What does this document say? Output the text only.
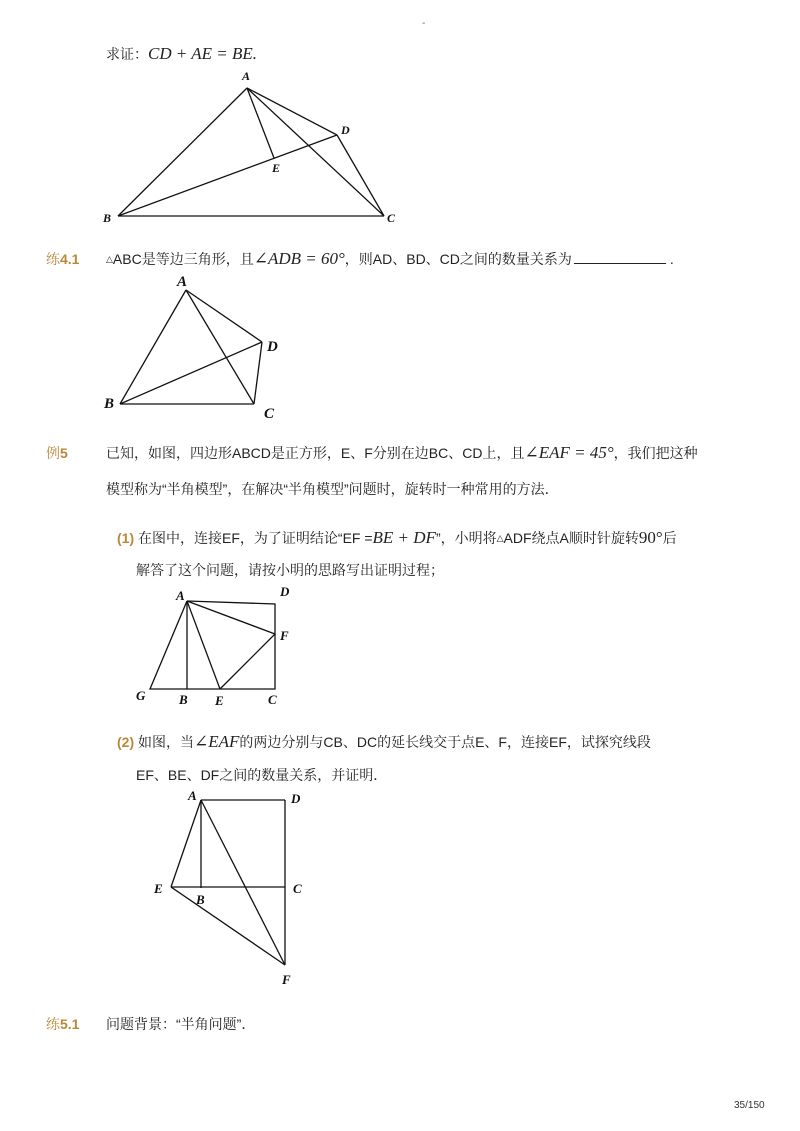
-
求证：CD + AE = BE.
A
B	C
D
E
练4.1	△ABC是等边三角形，且∠ADB = 60°，则AD、BD、CD之间的数量关系为	.
A
B
C
D
例5	已知，如图，四边形ABCD是正方形，E、F分别在边BC、CD上，且∠EAF = 45°，我们把这种
模型称为“半角模型”，在解决“半角模型”问题时，旋转时一种常用的方法．
(1) 在图中，连接EF，为了证明结论“EF =BE + DF”，小明将△ADF绕点A顺时针旋转90°后
解答了这个问题，请按小明的思路写出证明过程；
A	D
F
G	B E	C
(2) 如图，当∠EAF的两边分别与CB、DC的延长线交于点E、F，连接EF，试探究线段
EF、BE、DF之间的数量关系，并证明．
A	D
E
B
C
F
练5.1 问题背景：“半角问题”．
35/150
